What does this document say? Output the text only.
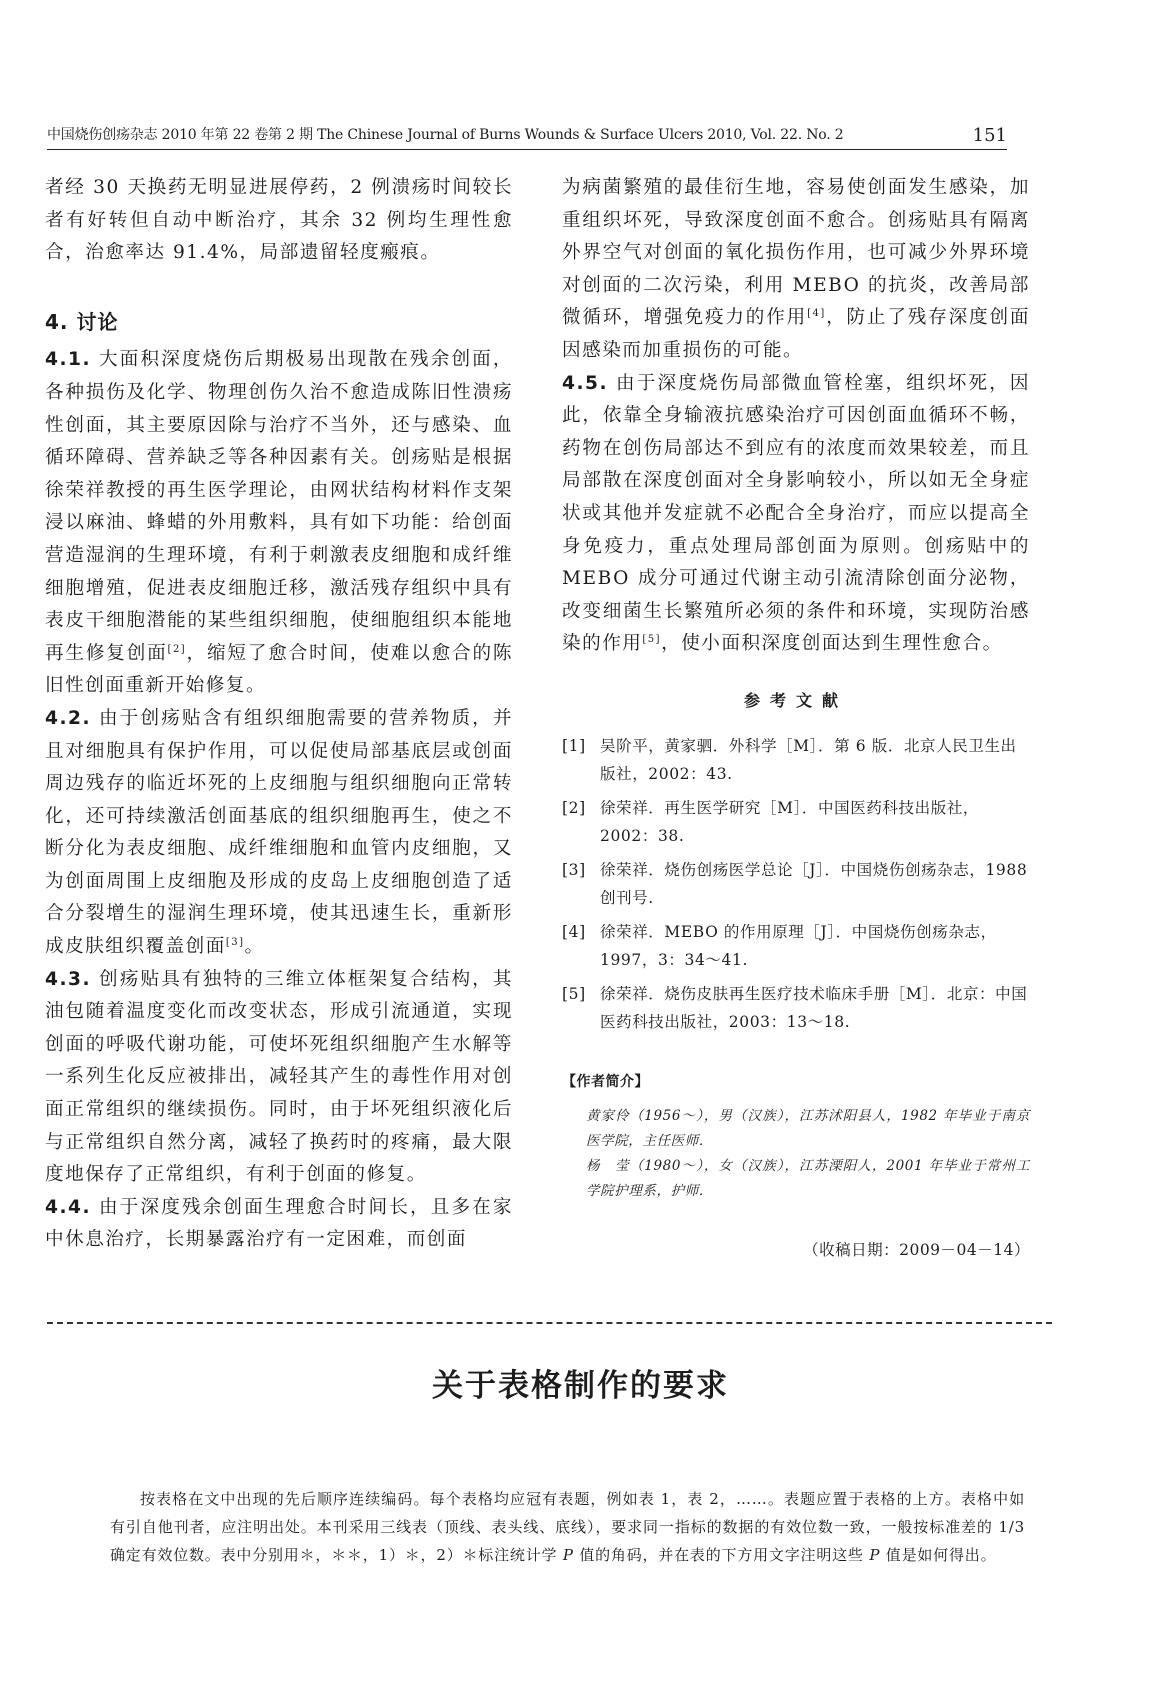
中国烧伤创疡杂志 2010 年第 22 卷第 2 期 The Chinese Journal of Burns Wounds & Surface Ulcers 2010, Vol. 22. No. 2	151

者经 30 天换药无明显进展停药，2 例溃疡时间较长者有好转但自动中断治疗，其余 32 例均生理性愈合，治愈率达 91.4%，局部遗留轻度瘢痕。

4. 讨论

4.1. 大面积深度烧伤后期极易出现散在残余创面，各种损伤及化学、物理创伤久治不愈造成陈旧性溃疡性创面，其主要原因除与治疗不当外，还与感染、血循环障碍、营养缺乏等各种因素有关。创疡贴是根据徐荣祥教授的再生医学理论，由网状结构材料作支架浸以麻油、蜂蜡的外用敷料，具有如下功能：给创面营造湿润的生理环境，有利于刺激表皮细胞和成纤维细胞增殖，促进表皮细胞迁移，激活残存组织中具有表皮干细胞潜能的某些组织细胞，使细胞组织本能地再生修复创面[2]，缩短了愈合时间，使难以愈合的陈旧性创面重新开始修复。

4.2. 由于创疡贴含有组织细胞需要的营养物质，并且对细胞具有保护作用，可以促使局部基底层或创面周边残存的临近坏死的上皮细胞与组织细胞向正常转化，还可持续激活创面基底的组织细胞再生，使之不断分化为表皮细胞、成纤维细胞和血管内皮细胞，又为创面周围上皮细胞及形成的皮岛上皮细胞创造了适合分裂增生的湿润生理环境，使其迅速生长，重新形成皮肤组织覆盖创面[3]。

4.3. 创疡贴具有独特的三维立体框架复合结构，其油包随着温度变化而改变状态，形成引流通道，实现创面的呼吸代谢功能，可使坏死组织细胞产生水解等一系列生化反应被排出，减轻其产生的毒性作用对创面正常组织的继续损伤。同时，由于坏死组织液化后与正常组织自然分离，减轻了换药时的疼痛，最大限度地保存了正常组织，有利于创面的修复。

4.4. 由于深度残余创面生理愈合时间长，且多在家中休息治疗，长期暴露治疗有一定困难，而创面

为病菌繁殖的最佳衍生地，容易使创面发生感染，加重组织坏死，导致深度创面不愈合。创疡贴具有隔离外界空气对创面的氧化损伤作用，也可减少外界环境对创面的二次污染，利用 MEBO 的抗炎，改善局部微循环，增强免疫力的作用[4]，防止了残存深度创面因感染而加重损伤的可能。

4.5. 由于深度烧伤局部微血管栓塞，组织坏死，因此，依靠全身输液抗感染治疗可因创面血循环不畅，药物在创伤局部达不到应有的浓度而效果较差，而且局部散在深度创面对全身影响较小，所以如无全身症状或其他并发症就不必配合全身治疗，而应以提高全身免疫力，重点处理局部创面为原则。创疡贴中的 MEBO 成分可通过代谢主动引流清除创面分泌物，改变细菌生长繁殖所必须的条件和环境，实现防治感染的作用[5]，使小面积深度创面达到生理性愈合。

参考文献
[1] 吴阶平，黄家驷．外科学［M］．第 6 版．北京人民卫生出版社，2002：43.
[2] 徐荣祥．再生医学研究［M］．中国医药科技出版社，2002：38.
[3] 徐荣祥．烧伤创疡医学总论［J］．中国烧伤创疡杂志，1988 创刊号.
[4] 徐荣祥．MEBO 的作用原理［J］．中国烧伤创疡杂志，1997，3：34～41.
[5] 徐荣祥．烧伤皮肤再生医疗技术临床手册［M］．北京：中国医药科技出版社，2003：13～18.
【作者简介】

黄家伶（1956～），男（汉族），江苏沭阳县人，1982 年毕业于南京医学院，主任医师．

杨　莹（1980～），女（汉族），江苏溧阳人，2001 年毕业于常州工学院护理系，护师．

（收稿日期：2009－04－14）
关于表格制作的要求

按表格在文中出现的先后顺序连续编码。每个表格均应冠有表题，例如表 1，表 2，……。表题应置于表格的上方。表格中如有引自他刊者，应注明出处。本刊采用三线表（顶线、表头线、底线），要求同一指标的数据的有效位数一致，一般按标准差的 1/3 确定有效位数。表中分别用＊，＊＊，1）＊，2）＊标注统计学 P 值的角码，并在表的下方用文字注明这些 P 值是如何得出。
